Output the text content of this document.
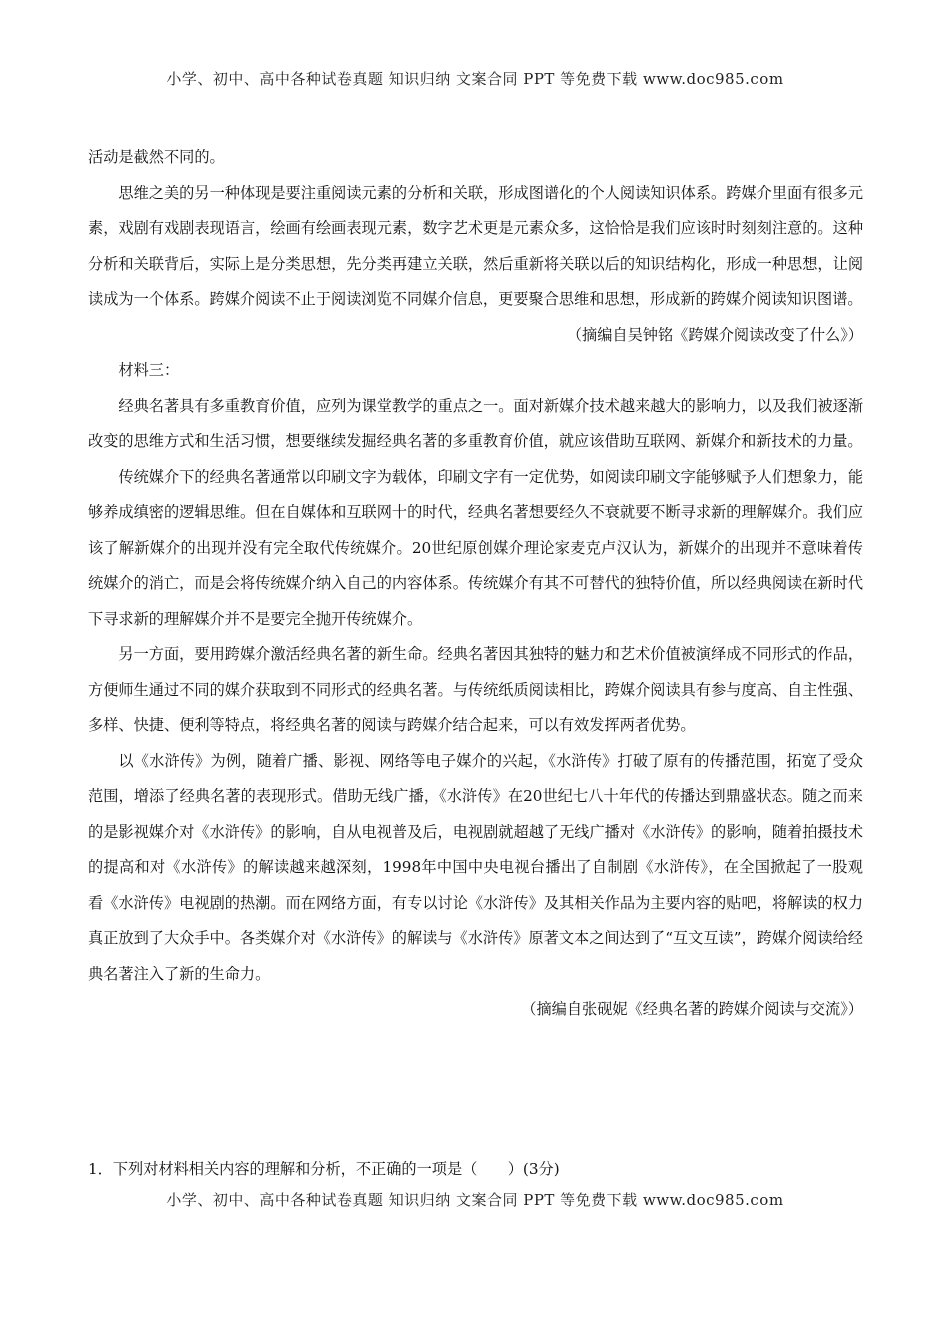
小学、初中、高中各种试卷真题 知识归纳 文案合同 PPT 等免费下载 www.doc985.com

活动是截然不同的。

思维之美的另一种体现是要注重阅读元素的分析和关联，形成图谱化的个人阅读知识体系。跨媒介里面有很多元素，戏剧有戏剧表现语言，绘画有绘画表现元素，数字艺术更是元素众多，这恰恰是我们应该时时刻刻注意的。这种分析和关联背后，实际上是分类思想，先分类再建立关联，然后重新将关联以后的知识结构化，形成一种思想，让阅读成为一个体系。跨媒介阅读不止于阅读浏览不同媒介信息，更要聚合思维和思想，形成新的跨媒介阅读知识图谱。

（摘编自吴钟铭《跨媒介阅读改变了什么》）

材料三：

经典名著具有多重教育价值，应列为课堂教学的重点之一。面对新媒介技术越来越大的影响力，以及我们被逐渐改变的思维方式和生活习惯，想要继续发掘经典名著的多重教育价值，就应该借助互联网、新媒介和新技术的力量。

传统媒介下的经典名著通常以印刷文字为载体，印刷文字有一定优势，如阅读印刷文字能够赋予人们想象力，能够养成缜密的逻辑思维。但在自媒体和互联网十的时代，经典名著想要经久不衰就要不断寻求新的理解媒介。我们应该了解新媒介的出现并没有完全取代传统媒介。20世纪原创媒介理论家麦克卢汉认为，新媒介的出现并不意味着传统媒介的消亡，而是会将传统媒介纳入自己的内容体系。传统媒介有其不可替代的独特价值，所以经典阅读在新时代下寻求新的理解媒介并不是要完全抛开传统媒介。

另一方面，要用跨媒介激活经典名著的新生命。经典名著因其独特的魅力和艺术价值被演绎成不同形式的作品，方便师生通过不同的媒介获取到不同形式的经典名著。与传统纸质阅读相比，跨媒介阅读具有参与度高、自主性强、多样、快捷、便利等特点，将经典名著的阅读与跨媒介结合起来，可以有效发挥两者优势。

以《水浒传》为例，随着广播、影视、网络等电子媒介的兴起，《水浒传》打破了原有的传播范围，拓宽了受众范围，增添了经典名著的表现形式。借助无线广播，《水浒传》在20世纪七八十年代的传播达到鼎盛状态。随之而来的是影视媒介对《水浒传》的影响，自从电视普及后，电视剧就超越了无线广播对《水浒传》的影响，随着拍摄技术的提高和对《水浒传》的解读越来越深刻，1998年中国中央电视台播出了自制剧《水浒传》，在全国掀起了一股观看《水浒传》电视剧的热潮。而在网络方面，有专以讨论《水浒传》及其相关作品为主要内容的贴吧，将解读的权力真正放到了大众手中。各类媒介对《水浒传》的解读与《水浒传》原著文本之间达到了“互文互读”，跨媒介阅读给经典名著注入了新的生命力。

（摘编自张砚妮《经典名著的跨媒介阅读与交流》）

1．下列对材料相关内容的理解和分析，不正确的一项是（　　）(3分)
小学、初中、高中各种试卷真题 知识归纳 文案合同 PPT 等免费下载 www.doc985.com
